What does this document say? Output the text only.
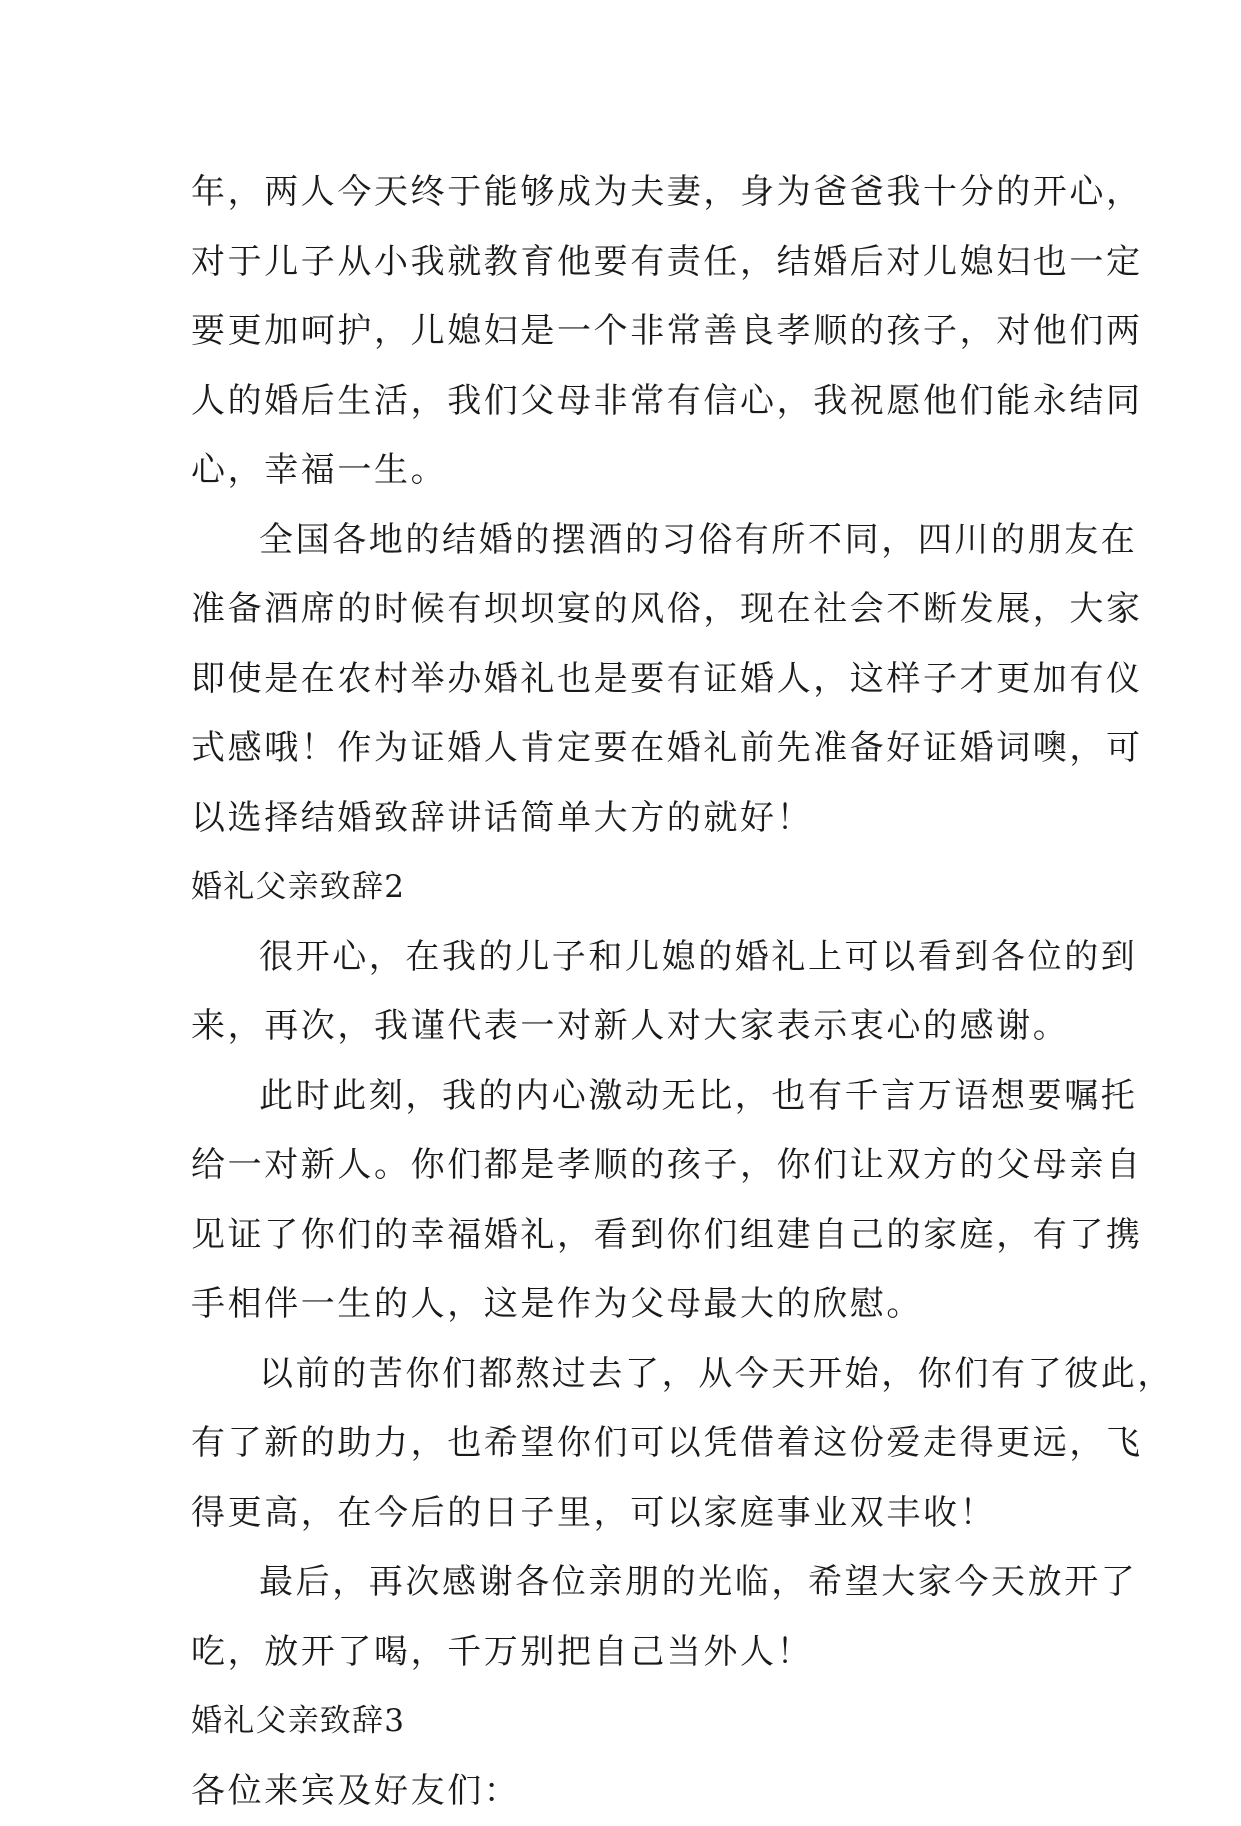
年，两人今天终于能够成为夫妻，身为爸爸我十分的开心，
对于儿子从小我就教育他要有责任，结婚后对儿媳妇也一定
要更加呵护，儿媳妇是一个非常善良孝顺的孩子，对他们两
人的婚后生活，我们父母非常有信心，我祝愿他们能永结同
心，幸福一生。
全国各地的结婚的摆酒的习俗有所不同，四川的朋友在
准备酒席的时候有坝坝宴的风俗，现在社会不断发展，大家
即使是在农村举办婚礼也是要有证婚人，这样子才更加有仪
式感哦！作为证婚人肯定要在婚礼前先准备好证婚词噢，可
以选择结婚致辞讲话简单大方的就好！
婚礼父亲致辞2
很开心，在我的儿子和儿媳的婚礼上可以看到各位的到
来，再次，我谨代表一对新人对大家表示衷心的感谢。
此时此刻，我的内心激动无比，也有千言万语想要嘱托
给一对新人。你们都是孝顺的孩子，你们让双方的父母亲自
见证了你们的幸福婚礼，看到你们组建自己的家庭，有了携
手相伴一生的人，这是作为父母最大的欣慰。
以前的苦你们都熬过去了，从今天开始，你们有了彼此，
有了新的助力，也希望你们可以凭借着这份爱走得更远，飞
得更高，在今后的日子里，可以家庭事业双丰收！
最后，再次感谢各位亲朋的光临，希望大家今天放开了
吃，放开了喝，千万别把自己当外人！
婚礼父亲致辞3
各位来宾及好友们：
